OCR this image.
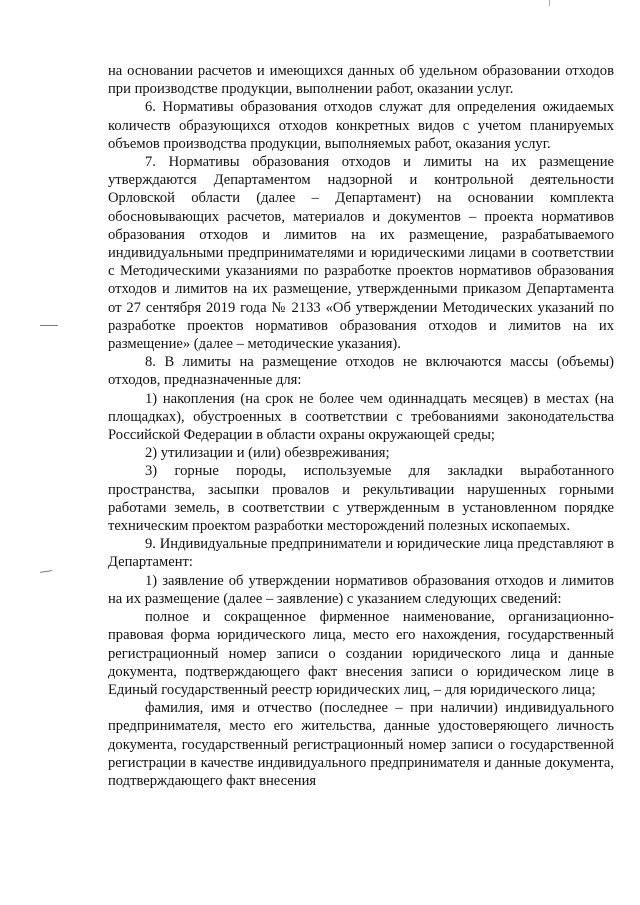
на основании расчетов и имеющихся данных об удельном образовании отходов при производстве продукции, выполнении работ, оказании услуг.

6. Нормативы образования отходов служат для определения ожидаемых количеств образующихся отходов конкретных видов с учетом планируемых объемов производства продукции, выполняемых работ, оказания услуг.

7. Нормативы образования отходов и лимиты на их размещение утверждаются Департаментом надзорной и контрольной деятельности Орловской области (далее – Департамент) на основании комплекта обосновывающих расчетов, материалов и документов – проекта нормативов образования отходов и лимитов на их размещение, разрабатываемого индивидуальными предпринимателями и юридическими лицами в соответствии с Методическими указаниями по разработке проектов нормативов образования отходов и лимитов на их размещение, утвержденными приказом Департамента от 27 сентября 2019 года № 2133 «Об утверждении Методических указаний по разработке проектов нормативов образования отходов и лимитов на их размещение» (далее – методические указания).

8. В лимиты на размещение отходов не включаются массы (объемы) отходов, предназначенные для:

1) накопления (на срок не более чем одиннадцать месяцев) в местах (на площадках), обустроенных в соответствии с требованиями законодательства Российской Федерации в области охраны окружающей среды;

2) утилизации и (или) обезвреживания;

3) горные породы, используемые для закладки выработанного пространства, засыпки провалов и рекультивации нарушенных горными работами земель, в соответствии с утвержденным в установленном порядке техническим проектом разработки месторождений полезных ископаемых.

9. Индивидуальные предприниматели и юридические лица представляют в Департамент:

1) заявление об утверждении нормативов образования отходов и лимитов на их размещение (далее – заявление) с указанием следующих сведений:

полное и сокращенное фирменное наименование, организационно-правовая форма юридического лица, место его нахождения, государственный регистрационный номер записи о создании юридического лица и данные документа, подтверждающего факт внесения записи о юридическом лице в Единый государственный реестр юридических лиц, – для юридического лица;

фамилия, имя и отчество (последнее – при наличии) индивидуального предпринимателя, место его жительства, данные удостоверяющего личность документа, государственный регистрационный номер записи о государственной регистрации в качестве индивидуального предпринимателя и данные документа, подтверждающего факт внесения
